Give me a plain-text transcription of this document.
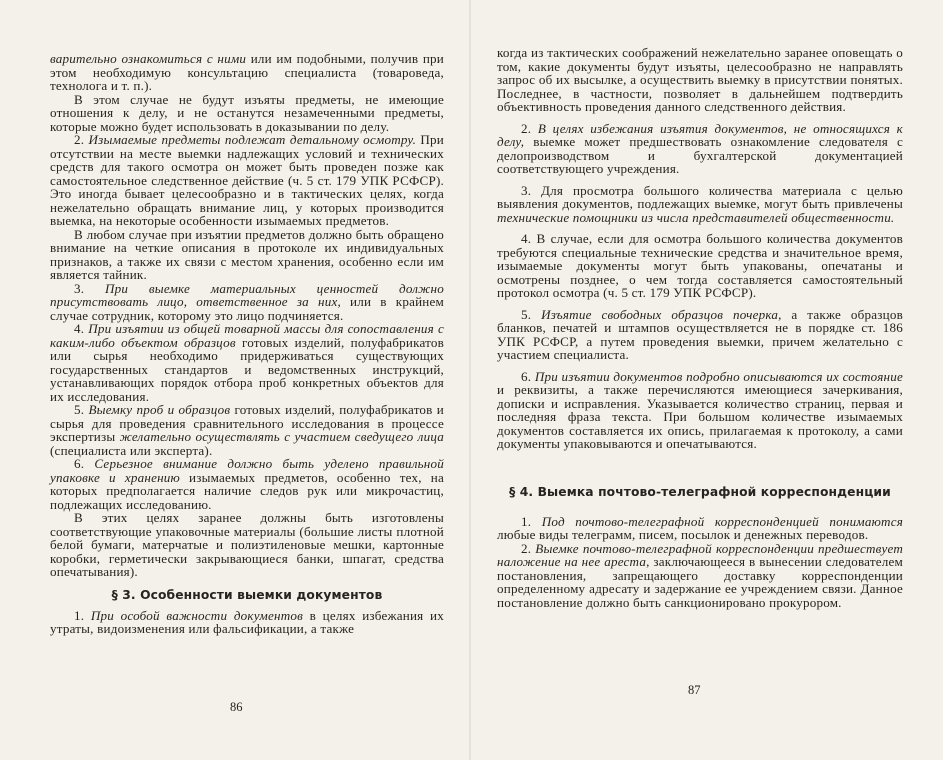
варительно ознакомиться с ними или им подобными, получив при этом необходимую консультацию специалиста (товароведа, технолога и т. п.).

В этом случае не будут изъяты предметы, не имеющие отношения к делу, и не останутся незамеченными предметы, которые можно будет использовать в доказывании по делу.

2. Изымаемые предметы подлежат детальному осмотру. При отсутствии на месте выемки надлежащих условий и технических средств для такого осмотра он может быть проведен позже как самостоятельное следственное действие (ч. 5 ст. 179 УПК РСФСР). Это иногда бывает целесообразно и в тактических целях, когда нежелательно обращать внимание лиц, у которых производится выемка, на некоторые особенности изымаемых предметов.

В любом случае при изъятии предметов должно быть обращено внимание на четкие описания в протоколе их индивидуальных признаков, а также их связи с местом хранения, особенно если им является тайник.

3. При выемке материальных ценностей должно присутствовать лицо, ответственное за них, или в крайнем случае сотрудник, которому это лицо подчиняется.

4. При изъятии из общей товарной массы для сопоставления с каким-либо объектом образцов готовых изделий, полуфабрикатов или сырья необходимо придерживаться существующих государственных стандартов и ведомственных инструкций, устанавливающих порядок отбора проб конкретных объектов для их исследования.

5. Выемку проб и образцов готовых изделий, полуфабрикатов и сырья для проведения сравнительного исследования в процессе экспертизы желательно осуществлять с участием сведущего лица (специалиста или эксперта).

6. Серьезное внимание должно быть уделено правильной упаковке и хранению изымаемых предметов, особенно тех, на которых предполагается наличие следов рук или микрочастиц, подлежащих исследованию.

В этих целях заранее должны быть изготовлены соответствующие упаковочные материалы (большие листы плотной белой бумаги, матерчатые и полиэтиленовые мешки, картонные коробки, герметически закрывающиеся банки, шпагат, средства опечатывания).

§ 3. Особенности выемки документов

1. При особой важности документов в целях избежания их утраты, видоизменения или фальсификации, а также

86

когда из тактических соображений нежелательно заранее оповещать о том, какие документы будут изъяты, целесообразно не направлять запрос об их высылке, а осуществить выемку в присутствии понятых. Последнее, в частности, позволяет в дальнейшем подтвердить объективность проведения данного следственного действия.

2. В целях избежания изъятия документов, не относящихся к делу, выемке может предшествовать ознакомление следователя с делопроизводством и бухгалтерской документацией соответствующего учреждения.

3. Для просмотра большого количества материала с целью выявления документов, подлежащих выемке, могут быть привлечены технические помощники из числа представителей общественности.

4. В случае, если для осмотра большого количества документов требуются специальные технические средства и значительное время, изымаемые документы могут быть упакованы, опечатаны и осмотрены позднее, о чем тогда составляется самостоятельный протокол осмотра (ч. 5 ст. 179 УПК РСФСР).

5. Изъятие свободных образцов почерка, а также образцов бланков, печатей и штампов осуществляется не в порядке ст. 186 УПК РСФСР, а путем проведения выемки, причем желательно с участием специалиста.

6. При изъятии документов подробно описываются их состояние и реквизиты, а также перечисляются имеющиеся зачеркивания, дописки и исправления. Указывается количество страниц, первая и последняя фраза текста. При большом количестве изымаемых документов составляется их опись, прилагаемая к протоколу, а сами документы упаковываются и опечатываются.

§ 4. Выемка почтово-телеграфной корреспонденции

1. Под почтово-телеграфной корреспонденцией понимаются любые виды телеграмм, писем, посылок и денежных переводов.

2. Выемке почтово-телеграфной корреспонденции предшествует наложение на нее ареста, заключающееся в вынесении следователем постановления, запрещающего доставку корреспонденции определенному адресату и задержание ее учреждением связи. Данное постановление должно быть санкционировано прокурором.

87
